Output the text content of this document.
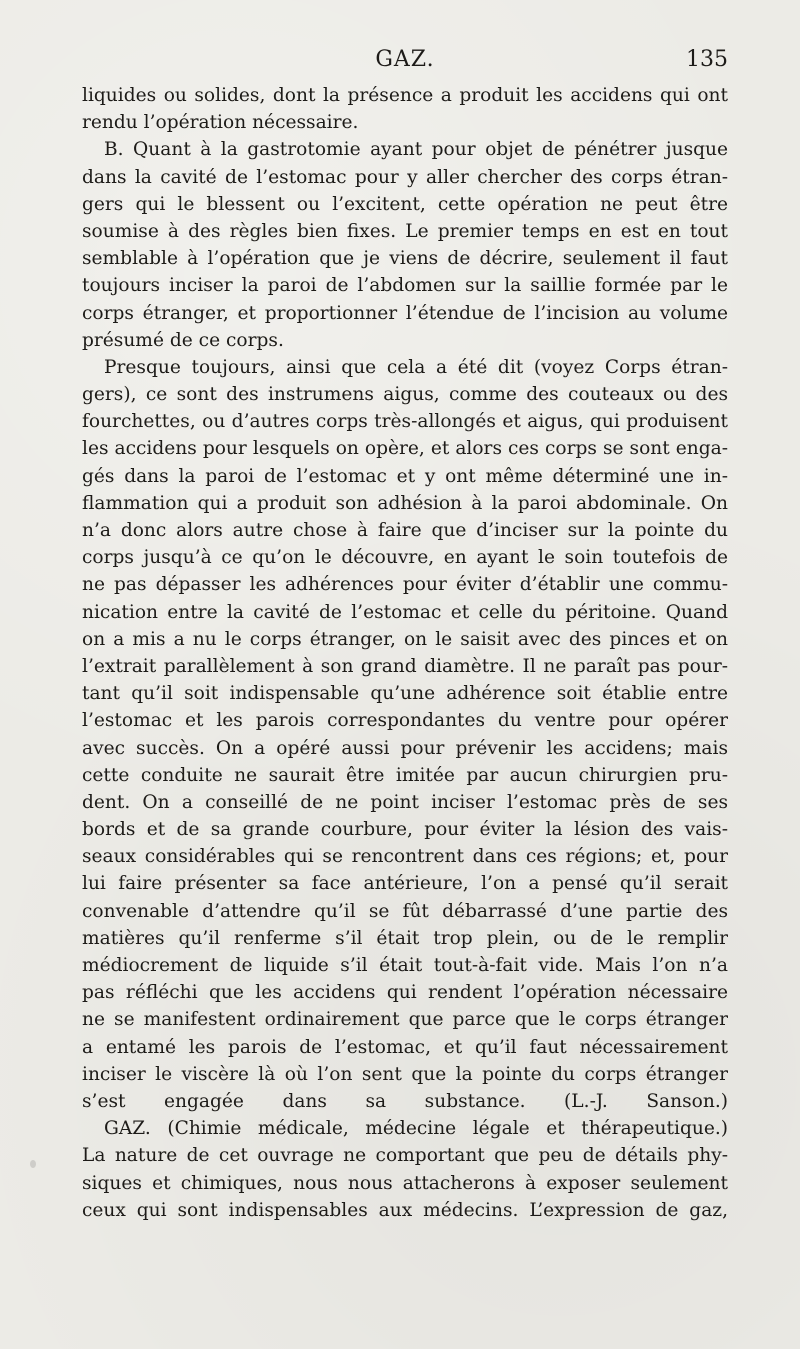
GAZ.	135
liquides ou solides, dont la présence a produit les accidens qui ont
rendu l’opération nécessaire.
B. Quant à la gastrotomie ayant pour objet de pénétrer jusque
dans la cavité de l’estomac pour y aller chercher des corps étran-
gers qui le blessent ou l’excitent, cette opération ne peut être
soumise à des règles bien fixes. Le premier temps en est en tout
semblable à l’opération que je viens de décrire, seulement il faut
toujours inciser la paroi de l’abdomen sur la saillie formée par le
corps étranger, et proportionner l’étendue de l’incision au volume
présumé de ce corps.
Presque toujours, ainsi que cela a été dit (voyez Corps étran-
gers), ce sont des instrumens aigus, comme des couteaux ou des
fourchettes, ou d’autres corps très-allongés et aigus, qui produisent
les accidens pour lesquels on opère, et alors ces corps se sont enga-
gés dans la paroi de l’estomac et y ont même déterminé une in-
flammation qui a produit son adhésion à la paroi abdominale. On
n’a donc alors autre chose à faire que d’inciser sur la pointe du
corps jusqu’à ce qu’on le découvre, en ayant le soin toutefois de
ne pas dépasser les adhérences pour éviter d’établir une commu-
nication entre la cavité de l’estomac et celle du péritoine. Quand
on a mis a nu le corps étranger, on le saisit avec des pinces et on
l’extrait parallèlement à son grand diamètre. Il ne paraît pas pour-
tant qu’il soit indispensable qu’une adhérence soit établie entre
l’estomac et les parois correspondantes du ventre pour opérer
avec succès. On a opéré aussi pour prévenir les accidens; mais
cette conduite ne saurait être imitée par aucun chirurgien pru-
dent. On a conseillé de ne point inciser l’estomac près de ses
bords et de sa grande courbure, pour éviter la lésion des vais-
seaux considérables qui se rencontrent dans ces régions; et, pour
lui faire présenter sa face antérieure, l’on a pensé qu’il serait
convenable d’attendre qu’il se fût débarrassé d’une partie des
matières qu’il renferme s’il était trop plein, ou de le remplir
médiocrement de liquide s’il était tout-à-fait vide. Mais l’on n’a
pas réfléchi que les accidens qui rendent l’opération nécessaire
ne se manifestent ordinairement que parce que le corps étranger
a entamé les parois de l’estomac, et qu’il faut nécessairement
inciser le viscère là où l’on sent que la pointe du corps étranger
s’est engagée dans sa substance. (L.-J. Sanson.)
GAZ. (Chimie médicale, médecine légale et thérapeutique.)
La nature de cet ouvrage ne comportant que peu de détails phy-
siques et chimiques, nous nous attacherons à exposer seulement
ceux qui sont indispensables aux médecins. L’expression de gaz,
